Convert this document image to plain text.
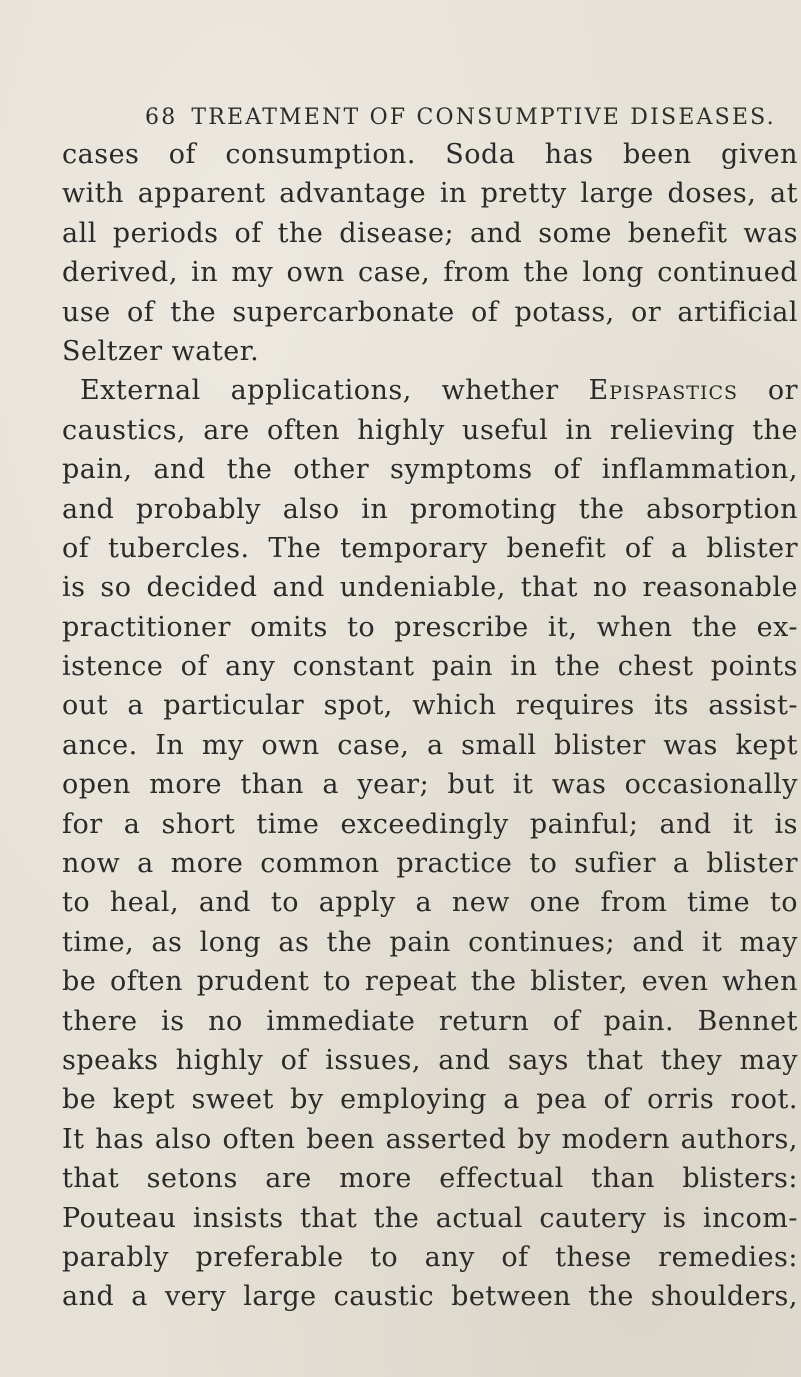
68 TREATMENT OF CONSUMPTIVE DISEASES.
cases of consumption. Soda has been given
with apparent advantage in pretty large doses, at
all periods of the disease; and some benefit was
derived, in my own case, from the long continued
use of the supercarbonate of potass, or artificial
Seltzer water.
External applications, whether Epispastics or
caustics, are often highly useful in relieving the
pain, and the other symptoms of inflammation,
and probably also in promoting the absorption
of tubercles. The temporary benefit of a blister
is so decided and undeniable, that no reasonable
practitioner omits to prescribe it, when the ex-
istence of any constant pain in the chest points
out a particular spot, which requires its assist-
ance. In my own case, a small blister was kept
open more than a year; but it was occasionally
for a short time exceedingly painful; and it is
now a more common practice to sufier a blister
to heal, and to apply a new one from time to
time, as long as the pain continues; and it may
be often prudent to repeat the blister, even when
there is no immediate return of pain. Bennet
speaks highly of issues, and says that they may
be kept sweet by employing a pea of orris root.
It has also often been asserted by modern authors,
that setons are more effectual than blisters:
Pouteau insists that the actual cautery is incom-
parably preferable to any of these remedies:
and a very large caustic between the shoulders,
